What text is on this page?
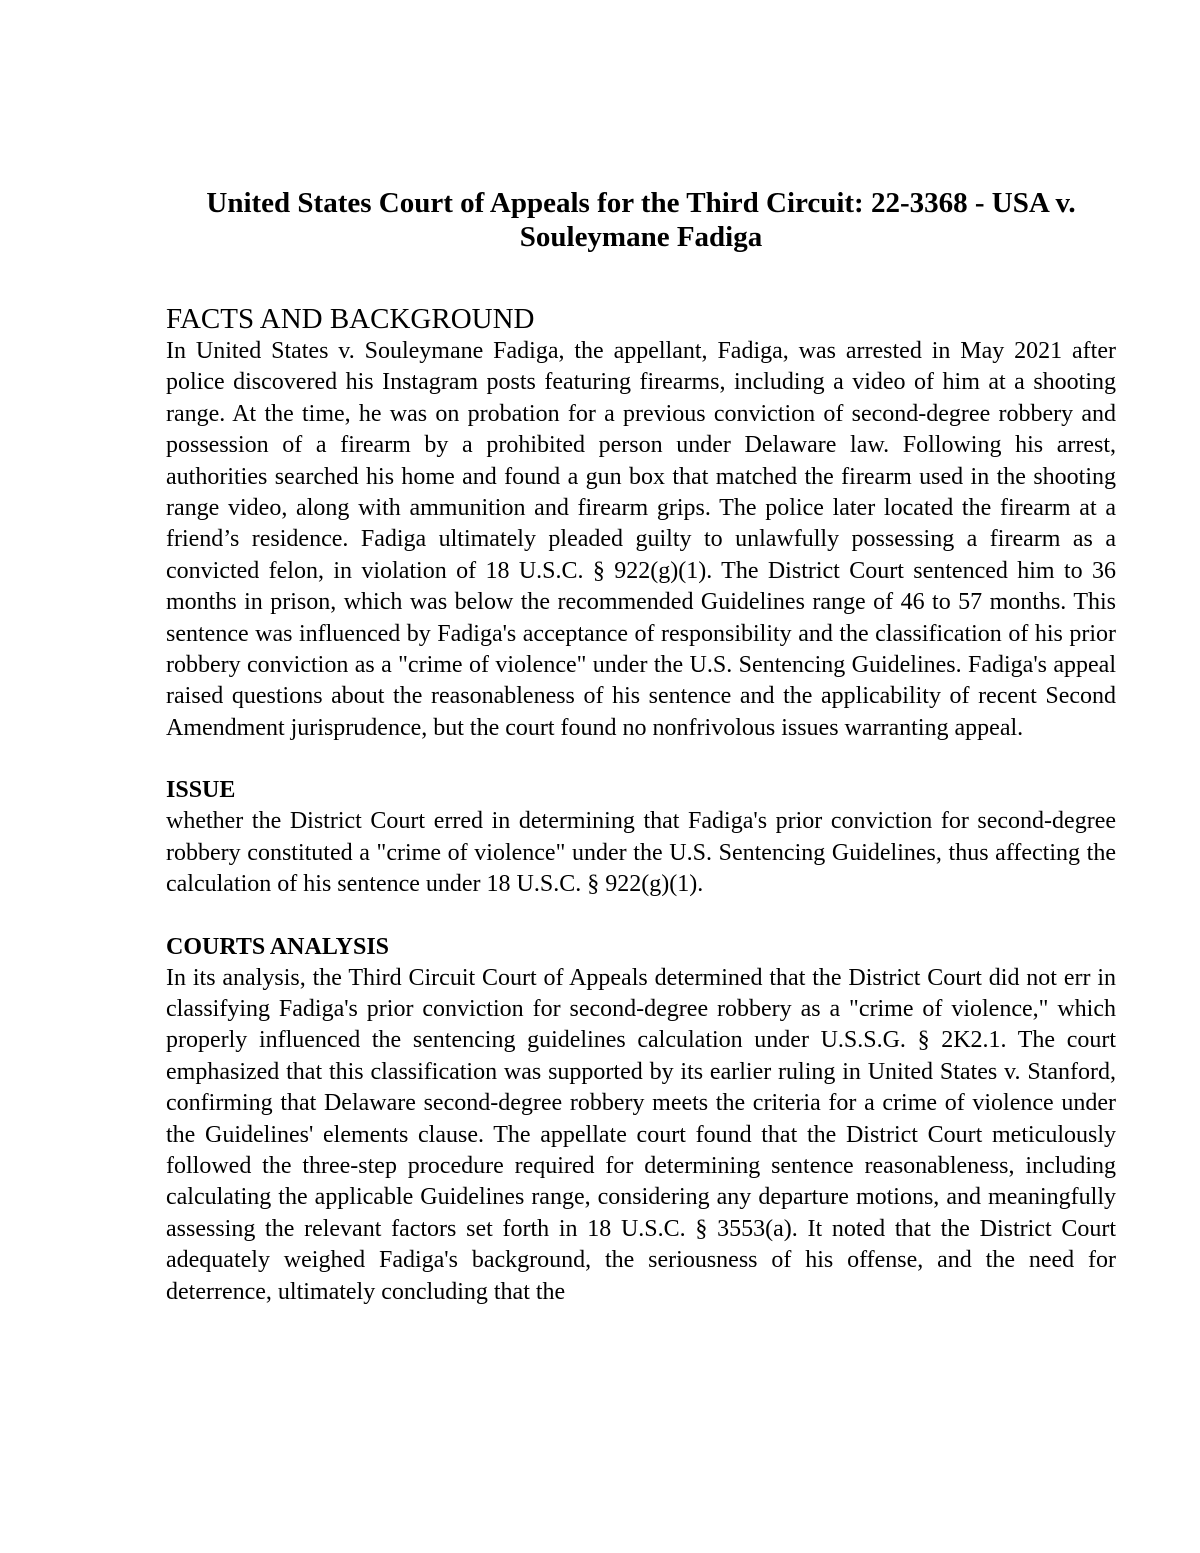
United States Court of Appeals for the Third Circuit: 22-3368 - USA v. Souleymane Fadiga
FACTS AND BACKGROUND

In United States v. Souleymane Fadiga, the appellant, Fadiga, was arrested in May 2021 after police discovered his Instagram posts featuring firearms, including a video of him at a shooting range. At the time, he was on probation for a previous conviction of second-degree robbery and possession of a firearm by a prohibited person under Delaware law. Following his arrest, authorities searched his home and found a gun box that matched the firearm used in the shooting range video, along with ammunition and firearm grips. The police later located the firearm at a friend’s residence. Fadiga ultimately pleaded guilty to unlawfully possessing a firearm as a convicted felon, in violation of 18 U.S.C. § 922(g)(1). The District Court sentenced him to 36 months in prison, which was below the recommended Guidelines range of 46 to 57 months. This sentence was influenced by Fadiga's acceptance of responsibility and the classification of his prior robbery conviction as a "crime of violence" under the U.S. Sentencing Guidelines. Fadiga's appeal raised questions about the reasonableness of his sentence and the applicability of recent Second Amendment jurisprudence, but the court found no nonfrivolous issues warranting appeal.

ISSUE

whether the District Court erred in determining that Fadiga's prior conviction for second-degree robbery constituted a "crime of violence" under the U.S. Sentencing Guidelines, thus affecting the calculation of his sentence under 18 U.S.C. § 922(g)(1).

COURTS ANALYSIS

In its analysis, the Third Circuit Court of Appeals determined that the District Court did not err in classifying Fadiga's prior conviction for second-degree robbery as a "crime of violence," which properly influenced the sentencing guidelines calculation under U.S.S.G. § 2K2.1. The court emphasized that this classification was supported by its earlier ruling in United States v. Stanford, confirming that Delaware second-degree robbery meets the criteria for a crime of violence under the Guidelines' elements clause. The appellate court found that the District Court meticulously followed the three-step procedure required for determining sentence reasonableness, including calculating the applicable Guidelines range, considering any departure motions, and meaningfully assessing the relevant factors set forth in 18 U.S.C. § 3553(a). It noted that the District Court adequately weighed Fadiga's background, the seriousness of his offense, and the need for deterrence, ultimately concluding that the
